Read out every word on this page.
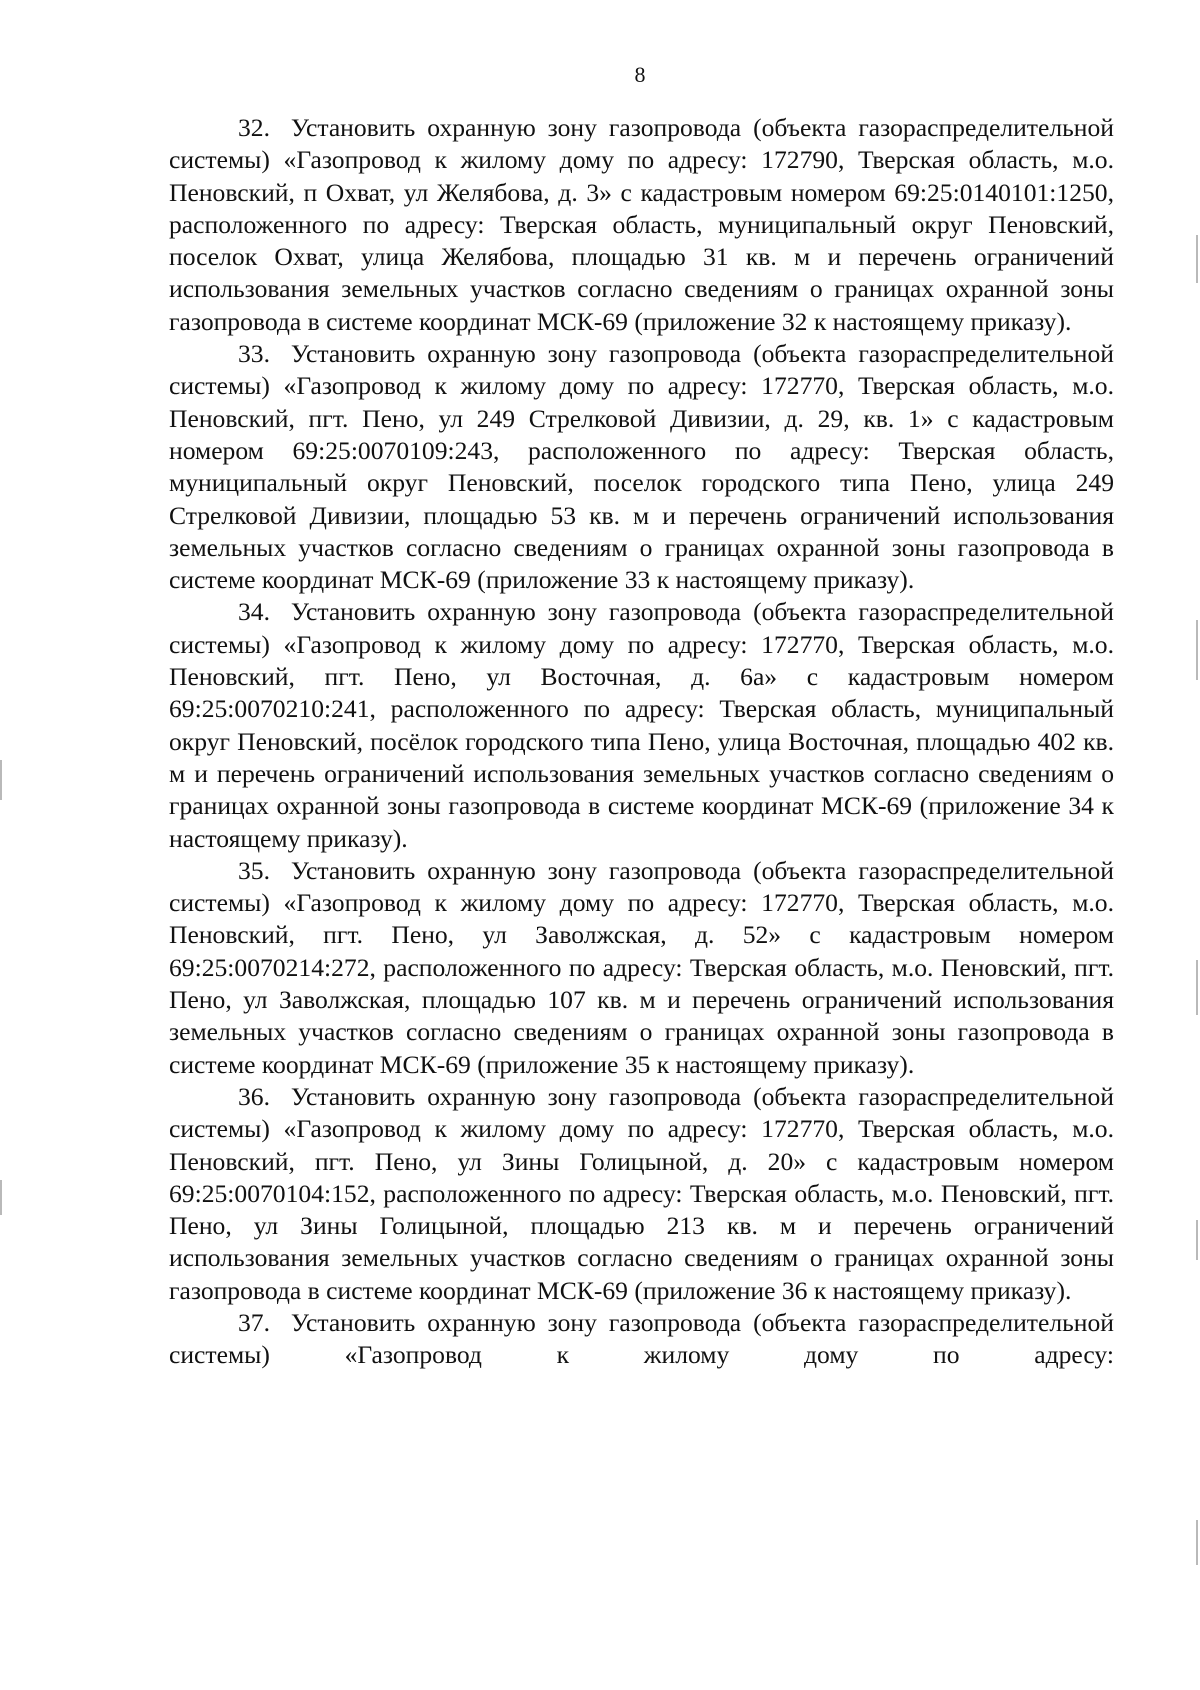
8

32. Установить охранную зону газопровода (объекта газораспределительной системы) «Газопровод к жилому дому по адресу: 172790, Тверская область, м.о. Пеновский, п Охват, ул Желябова, д. 3» с кадастровым номером 69:25:0140101:1250, расположенного по адресу: Тверская область, муниципальный округ Пеновский, поселок Охват, улица Желябова, площадью 31 кв. м и перечень ограничений использования земельных участков согласно сведениям о границах охранной зоны газопровода в системе координат МСК-69 (приложение 32 к настоящему приказу).

33. Установить охранную зону газопровода (объекта газораспределительной системы) «Газопровод к жилому дому по адресу: 172770, Тверская область, м.о. Пеновский, пгт. Пено, ул 249 Стрелковой Дивизии, д. 29, кв. 1» с кадастровым номером 69:25:0070109:243, расположенного по адресу: Тверская область, муниципальный округ Пеновский, поселок городского типа Пено, улица 249 Стрелковой Дивизии, площадью 53 кв. м и перечень ограничений использования земельных участков согласно сведениям о границах охранной зоны газопровода в системе координат МСК-69 (приложение 33 к настоящему приказу).

34. Установить охранную зону газопровода (объекта газораспределительной системы) «Газопровод к жилому дому по адресу: 172770, Тверская область, м.о. Пеновский, пгт. Пено, ул Восточная, д. 6а» с кадастровым номером 69:25:0070210:241, расположенного по адресу: Тверская область, муниципальный округ Пеновский, посёлок городского типа Пено, улица Восточная, площадью 402 кв. м и перечень ограничений использования земельных участков согласно сведениям о границах охранной зоны газопровода в системе координат МСК-69 (приложение 34 к настоящему приказу).

35. Установить охранную зону газопровода (объекта газораспределительной системы) «Газопровод к жилому дому по адресу: 172770, Тверская область, м.о. Пеновский, пгт. Пено, ул Заволжская, д. 52» с кадастровым номером 69:25:0070214:272, расположенного по адресу: Тверская область, м.о. Пеновский, пгт. Пено, ул Заволжская, площадью 107 кв. м и перечень ограничений использования земельных участков согласно сведениям о границах охранной зоны газопровода в системе координат МСК-69 (приложение 35 к настоящему приказу).

36. Установить охранную зону газопровода (объекта газораспределительной системы) «Газопровод к жилому дому по адресу: 172770, Тверская область, м.о. Пеновский, пгт. Пено, ул Зины Голицыной, д. 20» с кадастровым номером 69:25:0070104:152, расположенного по адресу: Тверская область, м.о. Пеновский, пгт. Пено, ул Зины Голицыной, площадью 213 кв. м и перечень ограничений использования земельных участков согласно сведениям о границах охранной зоны газопровода в системе координат МСК-69 (приложение 36 к настоящему приказу).

37. Установить охранную зону газопровода (объекта газораспределительной системы) «Газопровод к жилому дому по адресу:
